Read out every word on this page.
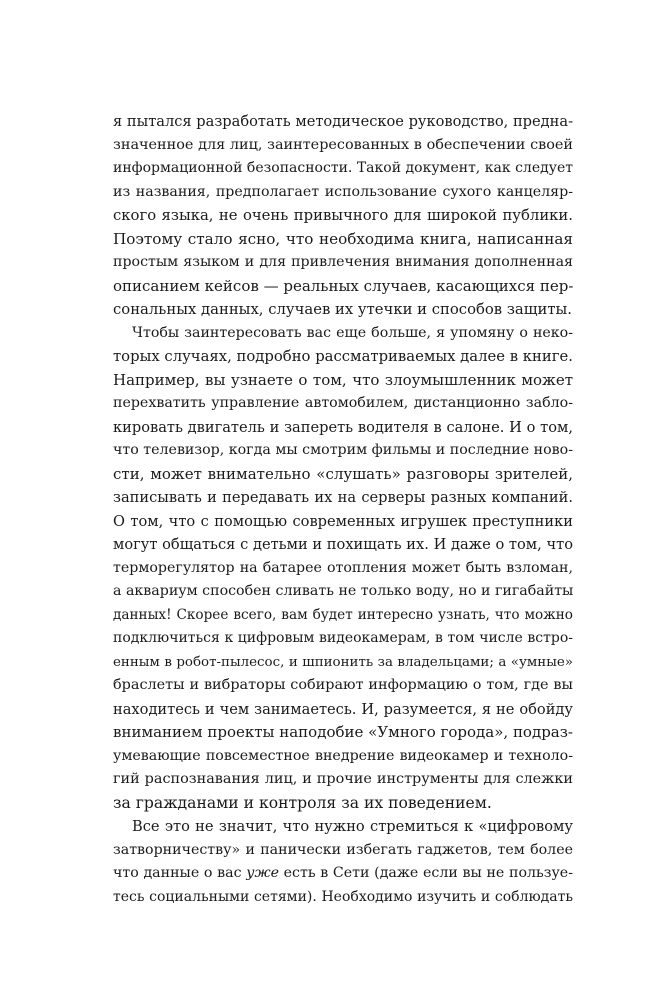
я пытался разработать методическое руководство, предна-
значенное для лиц, заинтересованных в обеспечении своей
информационной безопасности. Такой документ, как следует
из названия, предполагает использование сухого канцеляр-
ского языка, не очень привычного для широкой публики.
Поэтому стало ясно, что необходима книга, написанная
простым языком и для привлечения внимания дополненная
описанием кейсов — реальных случаев, касающихся пер-
сональных данных, случаев их утечки и способов защиты.
Чтобы заинтересовать вас еще больше, я упомяну о неко-
торых случаях, подробно рассматриваемых далее в книге.
Например, вы узнаете о том, что злоумышленник может
перехватить управление автомобилем, дистанционно забло-
кировать двигатель и запереть водителя в салоне. И о том,
что телевизор, когда мы смотрим фильмы и последние ново-
сти, может внимательно «слушать» разговоры зрителей,
записывать и передавать их на серверы разных компаний.
О том, что с помощью современных игрушек преступники
могут общаться с детьми и похищать их. И даже о том, что
терморегулятор на батарее отопления может быть взломан,
а аквариум способен сливать не только воду, но и гигабайты
данных! Скорее всего, вам будет интересно узнать, что можно
подключиться к цифровым видеокамерам, в том числе встро-
енным в робот-пылесос, и шпионить за владельцами; а «умные»
браслеты и вибраторы собирают информацию о том, где вы
находитесь и чем занимаетесь. И, разумеется, я не обойду
вниманием проекты наподобие «Умного города», подраз-
умевающие повсеместное внедрение видеокамер и техноло-
гий распознавания лиц, и прочие инструменты для слежки
за гражданами и контроля за их поведением.
Все это не значит, что нужно стремиться к «цифровому
затворничеству» и панически избегать гаджетов, тем более
что данные о вас уже есть в Сети (даже если вы не пользуе-
тесь социальными сетями). Необходимо изучить и соблюдать
